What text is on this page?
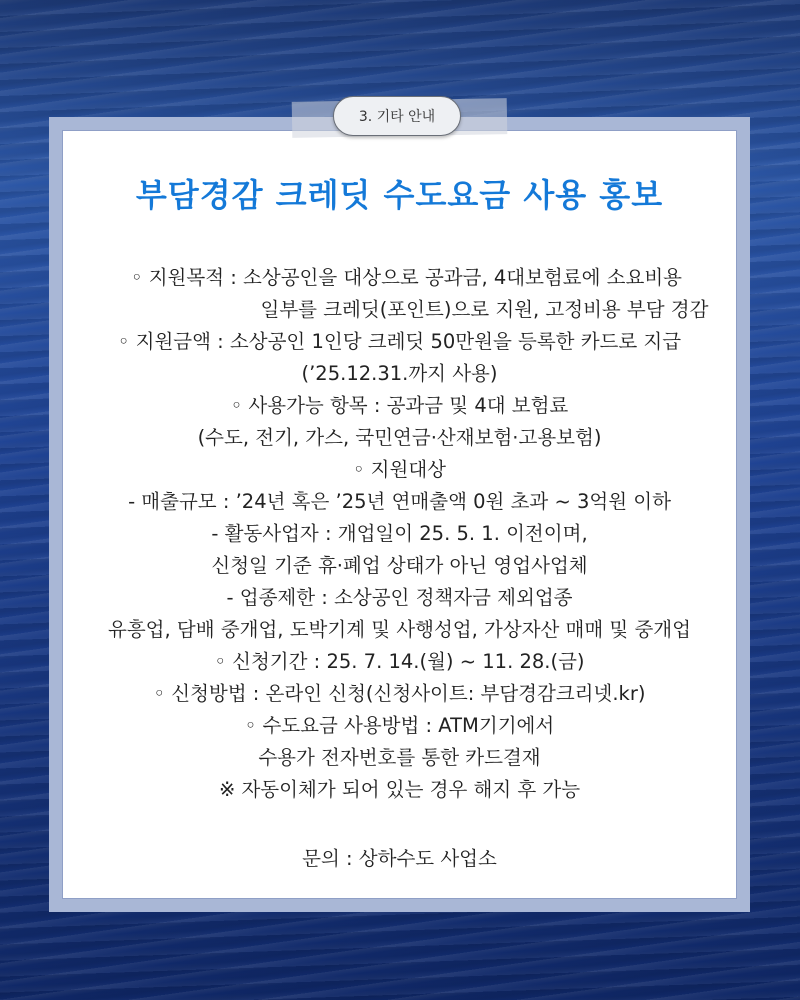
3. 기타 안내
부담경감 크레딧 수도요금 사용 홍보
◦ 지원목적 : 소상공인을 대상으로 공과금, 4대보험료에 소요비용
일부를 크레딧(포인트)으로 지원, 고정비용 부담 경감
◦ 지원금액 : 소상공인 1인당 크레딧 50만원을 등록한 카드로 지급
(’25.12.31.까지 사용)
◦ 사용가능 항목 : 공과금 및 4대 보험료
(수도, 전기, 가스, 국민연금·산재보험·고용보험)
◦ 지원대상
- 매출규모 : ’24년 혹은 ’25년 연매출액 0원 초과 ~ 3억원 이하
- 활동사업자 : 개업일이 25. 5. 1. 이전이며,
신청일 기준 휴·폐업 상태가 아닌 영업사업체
- 업종제한 : 소상공인 정책자금 제외업종
유흥업, 담배 중개업, 도박기계 및 사행성업, 가상자산 매매 및 중개업
◦ 신청기간 : 25. 7. 14.(월) ~ 11. 28.(금)
◦ 신청방법 : 온라인 신청(신청사이트: 부담경감크리넷.kr)
◦ 수도요금 사용방법 : ATM기기에서
수용가 전자번호를 통한 카드결재
※ 자동이체가 되어 있는 경우 해지 후 가능
문의 : 상하수도 사업소
